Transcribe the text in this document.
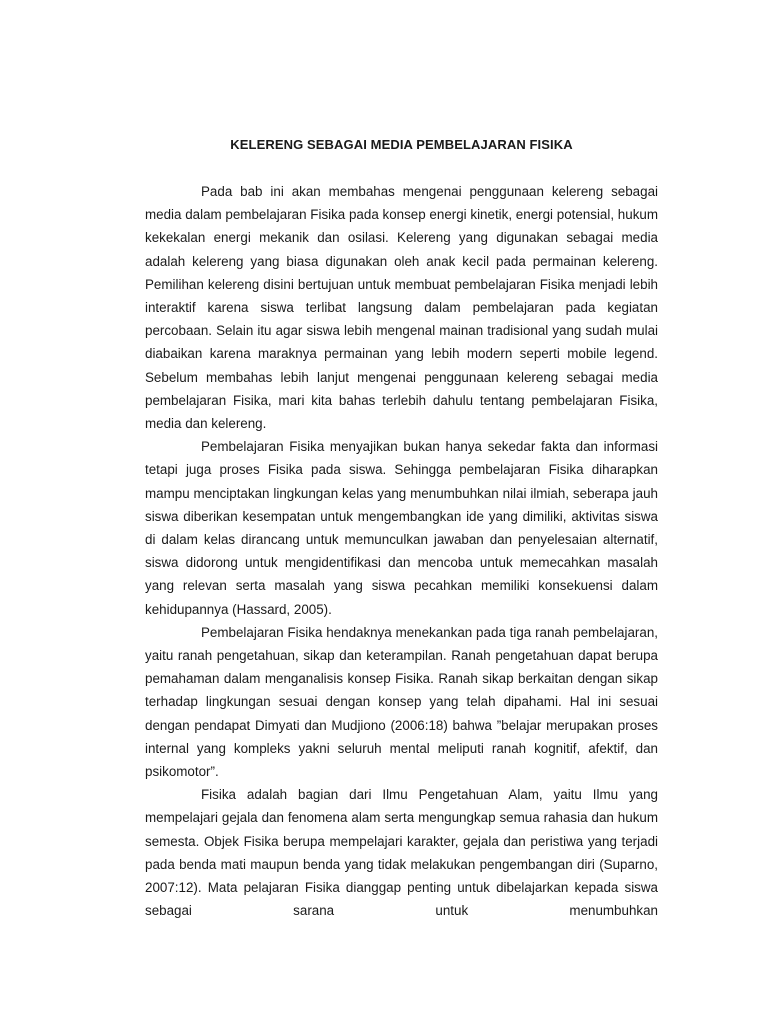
KELERENG SEBAGAI MEDIA PEMBELAJARAN FISIKA

Pada bab ini akan membahas mengenai penggunaan kelereng sebagai media dalam pembelajaran Fisika pada konsep energi kinetik, energi potensial, hukum kekekalan energi mekanik dan osilasi. Kelereng yang digunakan sebagai media adalah kelereng yang biasa digunakan oleh anak kecil pada permainan kelereng. Pemilihan kelereng disini bertujuan untuk membuat pembelajaran Fisika menjadi lebih interaktif karena siswa terlibat langsung dalam pembelajaran pada kegiatan percobaan. Selain itu agar siswa lebih mengenal mainan tradisional yang sudah mulai diabaikan karena maraknya permainan yang lebih modern seperti mobile legend. Sebelum membahas lebih lanjut mengenai penggunaan kelereng sebagai media pembelajaran Fisika, mari kita bahas terlebih dahulu tentang pembelajaran Fisika, media dan kelereng.

Pembelajaran Fisika menyajikan bukan hanya sekedar fakta dan informasi tetapi juga proses Fisika pada siswa. Sehingga pembelajaran Fisika diharapkan mampu menciptakan lingkungan kelas yang menumbuhkan nilai ilmiah, seberapa jauh siswa diberikan kesempatan untuk mengembangkan ide yang dimiliki, aktivitas siswa di dalam kelas dirancang untuk memunculkan jawaban dan penyelesaian alternatif, siswa didorong untuk mengidentifikasi dan mencoba untuk memecahkan masalah yang relevan serta masalah yang siswa pecahkan memiliki konsekuensi dalam kehidupannya (Hassard, 2005).

Pembelajaran Fisika hendaknya menekankan pada tiga ranah pembelajaran, yaitu ranah pengetahuan, sikap dan keterampilan. Ranah pengetahuan dapat berupa pemahaman dalam menganalisis konsep Fisika. Ranah sikap berkaitan dengan sikap terhadap lingkungan sesuai dengan konsep yang telah dipahami. Hal ini sesuai dengan pendapat Dimyati dan Mudjiono (2006:18) bahwa ”belajar merupakan proses internal yang kompleks yakni seluruh mental meliputi ranah kognitif, afektif, dan psikomotor”.

Fisika adalah bagian dari Ilmu Pengetahuan Alam, yaitu Ilmu yang mempelajari gejala dan fenomena alam serta mengungkap semua rahasia dan hukum semesta. Objek Fisika berupa mempelajari karakter, gejala dan peristiwa yang terjadi pada benda mati maupun benda yang tidak melakukan pengembangan diri (Suparno, 2007:12). Mata pelajaran Fisika dianggap penting untuk dibelajarkan kepada siswa sebagai sarana untuk menumbuhkan
